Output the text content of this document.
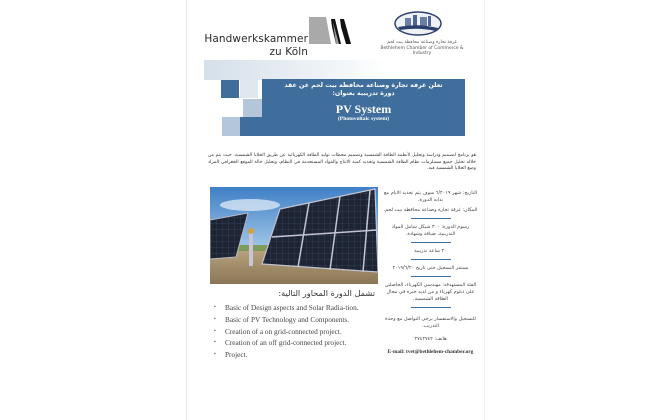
Handwerkskammer
zu Köln
غرفة تجارة وصناعة محافظة بيت لحم
Bethlehem Chamber of Commerce & Industry
تعلن غرفة تجارة وصناعة محافظة بيت لحم عن عقد
دورة تدريبية بعنوان:
PV System
(Photovoltaic system)
هو برنامج لتصميم ودراسة وتحليل لأنظمة الطاقة الشمسية وتصميم محطات توليد الطاقة الكهربائية عن طريق الخلايا الشمسية. حيث يتم من خلاله تحليل جميع مستلزمات نظام الطاقة الشمسية وتحديد كمية الانتاج والمواد المستخدمة في النظام، وتحليل حالة الموقع الجغرافي المراد وضع الخلايا الشمسية فيه.
تشمل الدورة المحاور التالية:
▪ Basic of Design aspects and Solar Radia-tion.
▪ Basic of PV Technology and Components.
▪ Creation of a on grid-connected project.
▪ Creation of an off grid-connected project.
▪ Project.
التاريخ: شهر ٦/٢٠١٩ سوف يتم تحديد الايام مع بداية الدورة.
المكان: غرفة تجارة وصناعة محافظة بيت لحم.
رسوم الدورة: ٣٠٠ شيكل شامل المواد التدريبية، ضيافة وشهادة.
٢٠ ساعة تدريبية
يستمر التسجيل حتى تاريخ ٢٠١٩/٦/٢٠
الفئة المستهدفة: مهندسي الكهرباء، الحاصلين على دبلوم كهرباء و من لديه خبرة في مجال الطاقة الشمسية.
للتسجيل والاستفسار يرجى التواصل مع وحدة التدريب.
هاتف: ٢٧٤٢٧٤٢
E-mail: tvet@bethlehem-chamber.org
